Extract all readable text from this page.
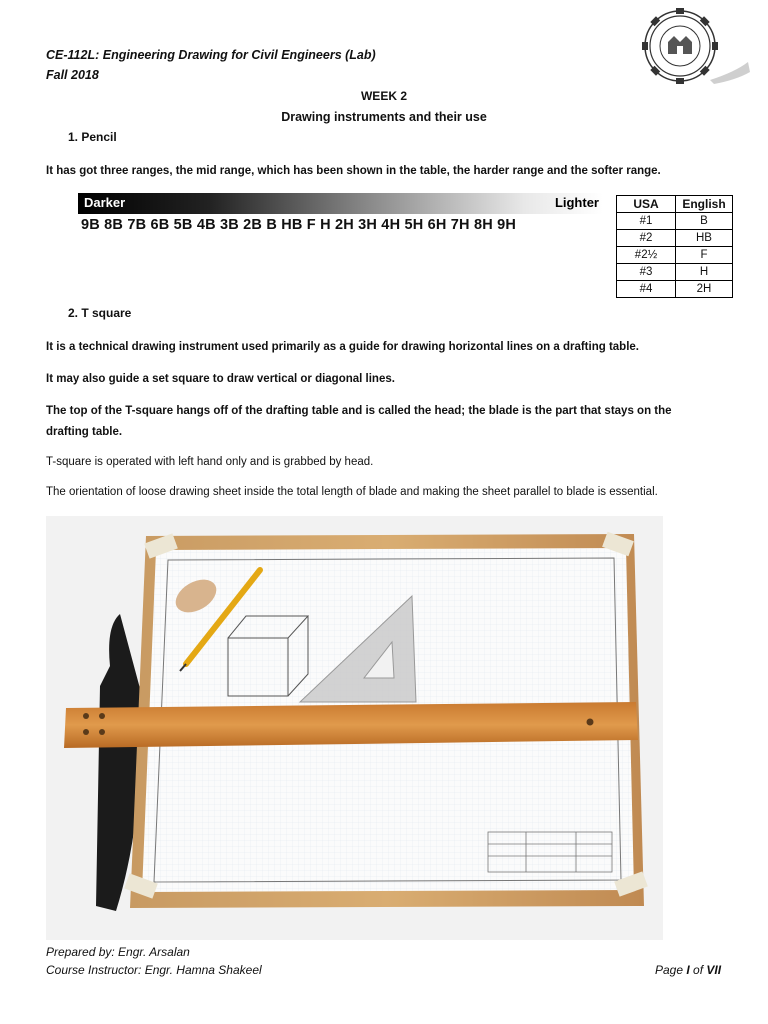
CE-112L: Engineering Drawing for Civil Engineers (Lab)
Fall 2018
WEEK 2
Drawing instruments and their use
1. Pencil
It has got three ranges, the mid range, which has been shown in the table, the harder range and the softer range.
Darker	Lighter
9B 8B 7B 6B 5B 4B 3B 2B B HB F H 2H 3H 4H 5H 6H 7H 8H 9H
USA	English
#1	B
#2	HB
#2½	F
#3	H
#4	2H
2. T square
It is a technical drawing instrument used primarily as a guide for drawing horizontal lines on a drafting table.
It may also guide a set square to draw vertical or diagonal lines.
The top of the T-square hangs off of the drafting table and is called the head; the blade is the part that stays on the drafting table.
T-square is operated with left hand only and is grabbed by head.
The orientation of loose drawing sheet inside the total length of blade and making the sheet parallel to blade is essential.
Prepared by: Engr. Arsalan
Course Instructor: Engr. Hamna Shakeel	Page I of VII
